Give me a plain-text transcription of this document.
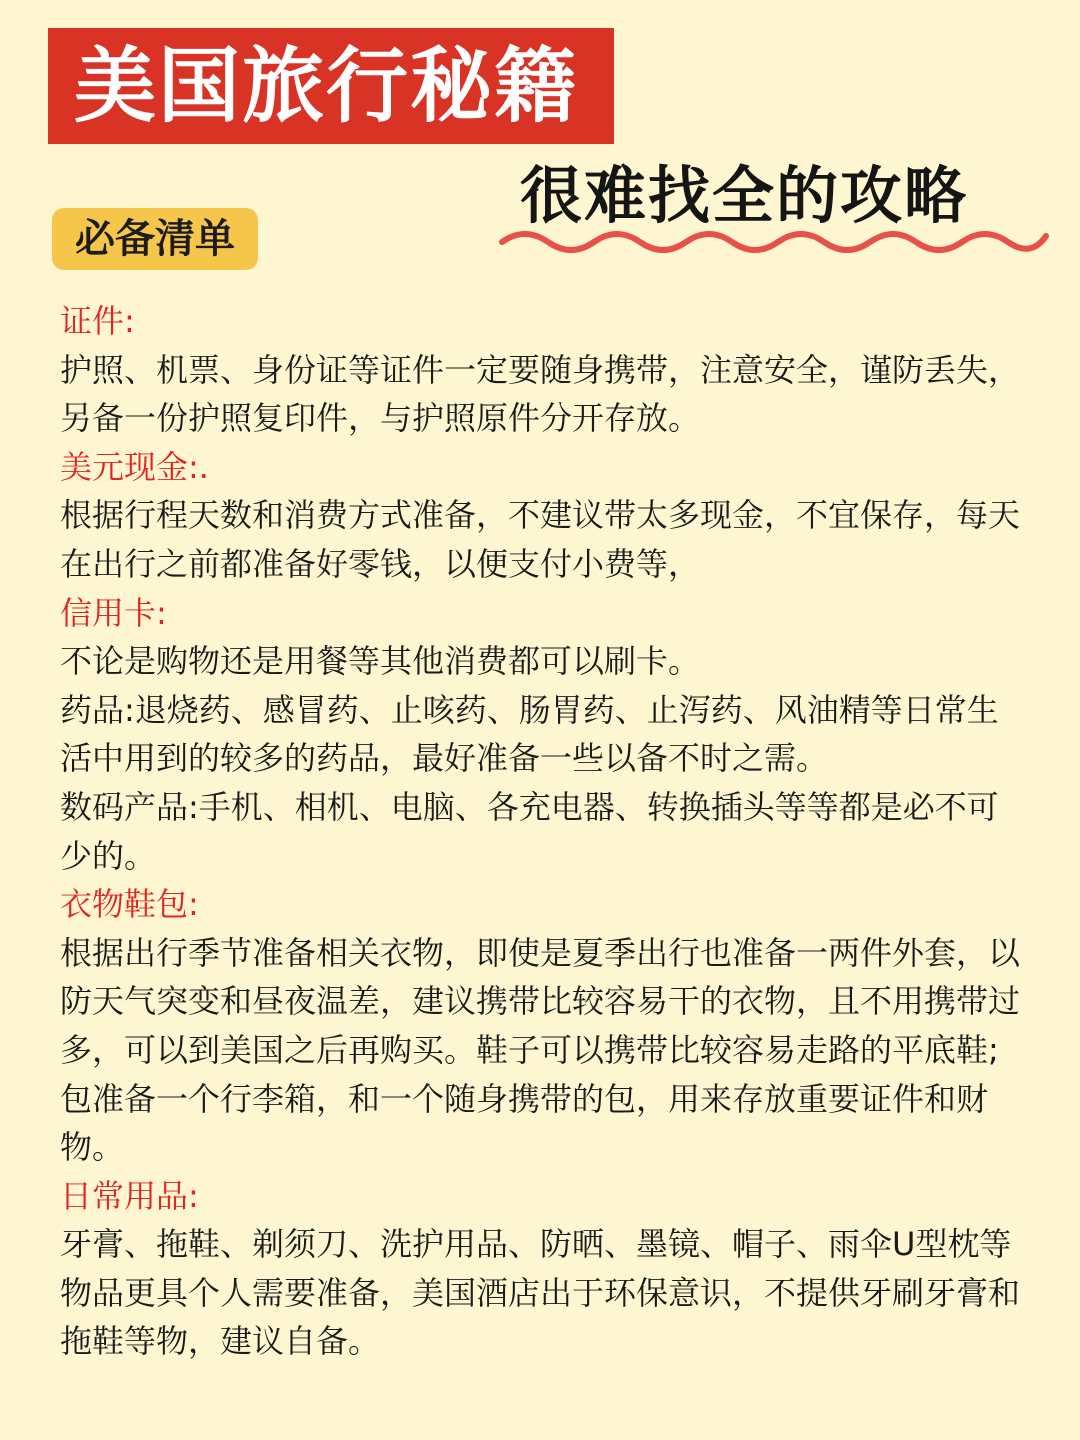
美国旅行秘籍
很难找全的攻略
必备清单

证件:

护照、机票、身份证等证件一定要随身携带，注意安全，谨防丢失，另备一份护照复印件，与护照原件分开存放。

美元现金:.

根据行程天数和消费方式准备，不建议带太多现金，不宜保存，每天在出行之前都准备好零钱，以便支付小费等，

信用卡:

不论是购物还是用餐等其他消费都可以刷卡。

药品:退烧药、感冒药、止咳药、肠胃药、止泻药、风油精等日常生活中用到的较多的药品，最好准备一些以备不时之需。

数码产品:手机、相机、电脑、各充电器、转换插头等等都是必不可少的。

衣物鞋包:

根据出行季节准备相关衣物，即使是夏季出行也准备一两件外套，以防天气突变和昼夜温差，建议携带比较容易干的衣物，且不用携带过多，可以到美国之后再购买。鞋子可以携带比较容易走路的平底鞋;包准备一个行李箱，和一个随身携带的包，用来存放重要证件和财物。

日常用品:

牙膏、拖鞋、剃须刀、洗护用品、防晒、墨镜、帽子、雨伞U型枕等物品更具个人需要准备，美国酒店出于环保意识，不提供牙刷牙膏和拖鞋等物，建议自备。
